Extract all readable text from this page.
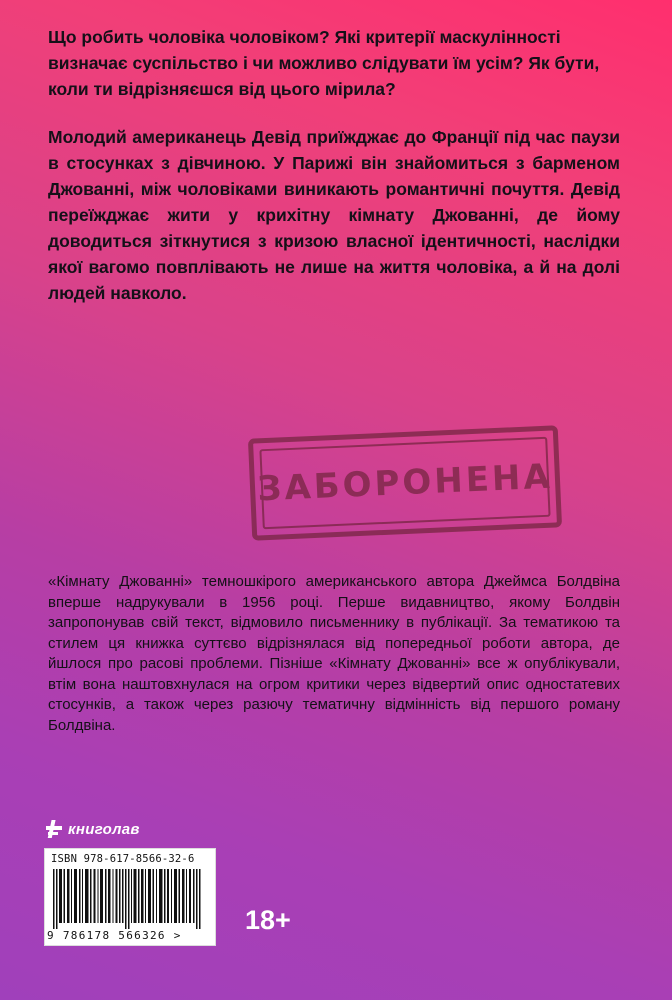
Що робить чоловіка чоловіком? Які критерії маскулінності визначає суспільство і чи можливо слідувати їм усім? Як бути, коли ти відрізняєшся від цього мірила?

Молодий американець Девід приїжджає до Франції під час паузи в стосунках з дівчиною. У Парижі він знайомиться з барменом Джованні, між чоловіками виникають романтичні почуття. Девід переїжджає жити у крихітну кімнату Джованні, де йому доводиться зіткнутися з кризою власної ідентичності, наслідки якої вагомо повплівають не лише на життя чоловіка, а й на долі людей навколо.

ЗАБОРОНЕНА

«Кімнату Джованні» темношкірого американського автора Джеймса Болдвіна вперше надрукували в 1956 році. Перше видавництво, якому Болдвін запропонував свій текст, відмовило письменнику в публікації. За тематикою та стилем ця книжка суттєво відрізнялася від попередньої роботи автора, де йшлося про расові проблеми. Пізніше «Кімнату Джованні» все ж опублікували, втім вона наштовхнулася на огром критики через відвертий опис одностатевих стосунків, а також через разючу тематичну відмінність від першого роману Болдвіна.

книголав
ISBN 978-617-8566-32-6
9 786178 566326 >
18+
